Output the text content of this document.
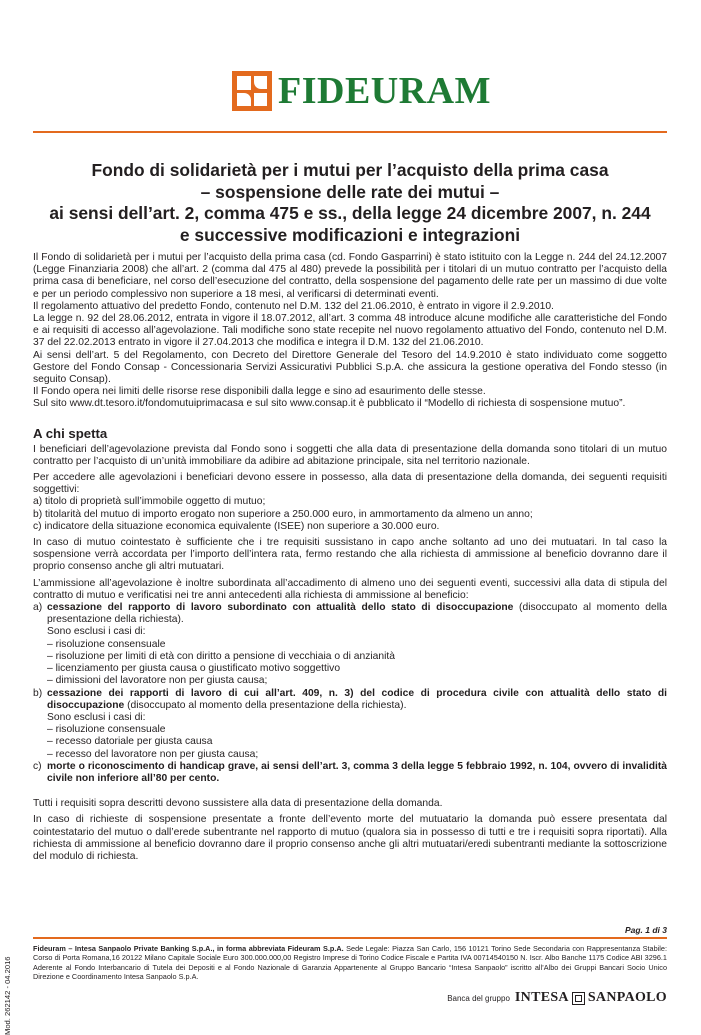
FIDEURAM
Fondo di solidarietà per i mutui per l’acquisto della prima casa
– sospensione delle rate dei mutui –
ai sensi dell’art. 2, comma 475 e ss., della legge 24 dicembre 2007, n. 244
e successive modificazioni e integrazioni

Il Fondo di solidarietà per i mutui per l’acquisto della prima casa (cd. Fondo Gasparrini) è stato istituito con la Legge n. 244 del 24.12.2007 (Legge Finanziaria 2008) che all’art. 2 (comma dal 475 al 480) prevede la possibilità per i titolari di un mutuo contratto per l’acquisto della prima casa di beneficiare, nel corso dell’esecuzione del contratto, della sospensione del pagamento delle rate per un massimo di due volte e per un periodo complessivo non superiore a 18 mesi, al verificarsi di determinati eventi.

Il regolamento attuativo del predetto Fondo, contenuto nel D.M. 132 del 21.06.2010, è entrato in vigore il 2.9.2010.

La legge n. 92 del 28.06.2012, entrata in vigore il 18.07.2012, all’art. 3 comma 48 introduce alcune modifiche alle caratteristiche del Fondo e ai requisiti di accesso all’agevolazione. Tali modifiche sono state recepite nel nuovo regolamento attuativo del Fondo, contenuto nel D.M. 37 del 22.02.2013 entrato in vigore il 27.04.2013 che modifica e integra il D.M. 132 del 21.06.2010.

Ai sensi dell’art. 5 del Regolamento, con Decreto del Direttore Generale del Tesoro del 14.9.2010 è stato individuato come soggetto Gestore del Fondo Consap - Concessionaria Servizi Assicurativi Pubblici S.p.A. che assicura la gestione operativa del Fondo stesso (in seguito Consap).

Il Fondo opera nei limiti delle risorse rese disponibili dalla legge e sino ad esaurimento delle stesse.

Sul sito www.dt.tesoro.it/fondomutuiprimacasa e sul sito www.consap.it è pubblicato il “Modello di richiesta di sospensione mutuo”.

A chi spetta

I beneficiari dell’agevolazione prevista dal Fondo sono i soggetti che alla data di presentazione della domanda sono titolari di un mutuo contratto per l’acquisto di un’unità immobiliare da adibire ad abitazione principale, sita nel territorio nazionale.

Per accedere alle agevolazioni i beneficiari devono essere in possesso, alla data di presentazione della domanda, dei seguenti requisiti soggettivi:

a) titolo di proprietà sull’immobile oggetto di mutuo;
b) titolarità del mutuo di importo erogato non superiore a 250.000 euro, in ammortamento da almeno un anno;
c) indicatore della situazione economica equivalente (ISEE) non superiore a 30.000 euro.

In caso di mutuo cointestato è sufficiente che i tre requisiti sussistano in capo anche soltanto ad uno dei mutuatari. In tal caso la sospensione verrà accordata per l’importo dell’intera rata, fermo restando che alla richiesta di ammissione al beneficio dovranno dare il proprio consenso anche gli altri mutuatari.

L’ammissione all’agevolazione è inoltre subordinata all’accadimento di almeno uno dei seguenti eventi, successivi alla data di stipula del contratto di mutuo e verificatisi nei tre anni antecedenti alla richiesta di ammissione al beneficio:

a) cessazione del rapporto di lavoro subordinato con attualità dello stato di disoccupazione (disoccupato al momento della presentazione della richiesta).
Sono esclusi i casi di:
– risoluzione consensuale
– risoluzione per limiti di età con diritto a pensione di vecchiaia o di anzianità
– licenziamento per giusta causa o giustificato motivo soggettivo
– dimissioni del lavoratore non per giusta causa;
b) cessazione dei rapporti di lavoro di cui all’art. 409, n. 3) del codice di procedura civile con attualità dello stato di disoccupazione (disoccupato al momento della presentazione della richiesta).
Sono esclusi i casi di:
– risoluzione consensuale
– recesso datoriale per giusta causa
– recesso del lavoratore non per giusta causa;
c) morte o riconoscimento di handicap grave, ai sensi dell’art. 3, comma 3 della legge 5 febbraio 1992, n. 104, ovvero di invalidità civile non inferiore all’80 per cento.

Tutti i requisiti sopra descritti devono sussistere alla data di presentazione della domanda.

In caso di richieste di sospensione presentate a fronte dell’evento morte del mutuatario la domanda può essere presentata dal cointestatario del mutuo o dall’erede subentrante nel rapporto di mutuo (qualora sia in possesso di tutti e tre i requisiti sopra riportati). Alla richiesta di ammissione al beneficio dovranno dare il proprio consenso anche gli altri mutuatari/eredi subentranti mediante la sottoscrizione del modulo di richiesta.

Pag. 1 di 3
Mod. 262142 - 04.2016
Fideuram – Intesa Sanpaolo Private Banking S.p.A., in forma abbreviata Fideuram S.p.A. Sede Legale: Piazza San Carlo, 156 10121 Torino Sede Secondaria con Rappresentanza Stabile: Corso di Porta Romana,16 20122 Milano Capitale Sociale Euro 300.000.000,00 Registro Imprese di Torino Codice Fiscale e Partita IVA 00714540150 N. Iscr. Albo Banche 1175 Codice ABI 3296.1 Aderente al Fondo Interbancario di Tutela dei Depositi e al Fondo Nazionale di Garanzia Appartenente al Gruppo Bancario “Intesa Sanpaolo” iscritto all’Albo dei Gruppi Bancari Socio Unico Direzione e Coordinamento Intesa Sanpaolo S.p.A.
Banca del gruppo INTESA SANPAOLO
